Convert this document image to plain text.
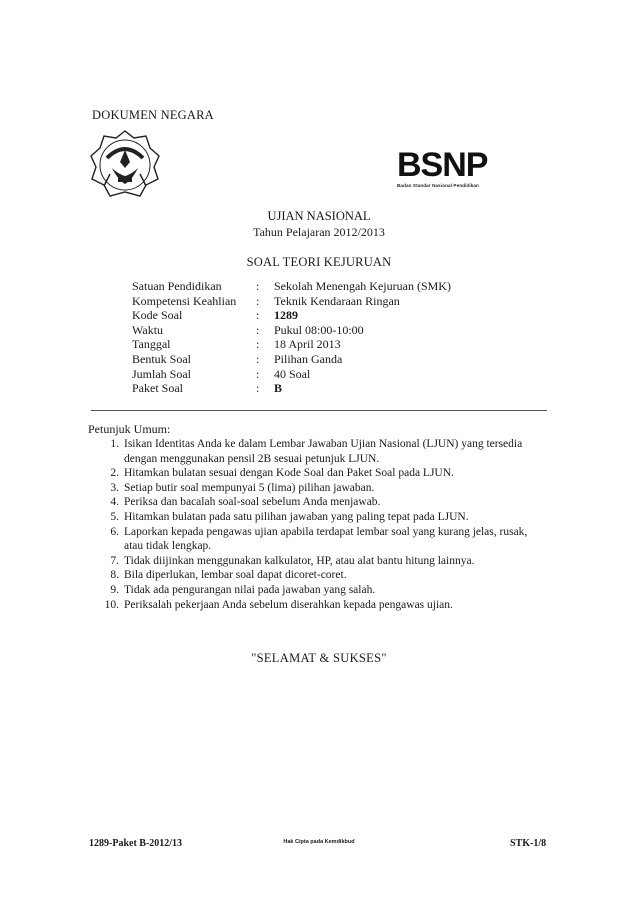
DOKUMEN NEGARA
BSNP
Badan Standar Nasional Pendidikan
UJIAN NASIONAL
Tahun Pelajaran 2012/2013
SOAL TEORI KEJURUAN
Satuan Pendidikan	:	Sekolah Menengah Kejuruan (SMK)
Kompetensi Keahlian	:	Teknik Kendaraan Ringan
Kode Soal	:	1289
Waktu	:	Pukul 08:00-10:00
Tanggal	:	18 April 2013
Bentuk Soal	:	Pilihan Ganda
Jumlah Soal	:	40 Soal
Paket Soal	:	B
Petunjuk Umum:
1. Isikan Identitas Anda ke dalam Lembar Jawaban Ujian Nasional (LJUN) yang tersedia dengan menggunakan pensil 2B sesuai petunjuk LJUN.
2. Hitamkan bulatan sesuai dengan Kode Soal dan Paket Soal pada LJUN.
3. Setiap butir soal mempunyai 5 (lima) pilihan jawaban.
4. Periksa dan bacalah soal-soal sebelum Anda menjawab.
5. Hitamkan bulatan pada satu pilihan jawaban yang paling tepat pada LJUN.
6. Laporkan kepada pengawas ujian apabila terdapat lembar soal yang kurang jelas, rusak, atau tidak lengkap.
7. Tidak diijinkan menggunakan kalkulator, HP, atau alat bantu hitung lainnya.
8. Bila diperlukan, lembar soal dapat dicoret-coret.
9. Tidak ada pengurangan nilai pada jawaban yang salah.
10. Periksalah pekerjaan Anda sebelum diserahkan kepada pengawas ujian.
"SELAMAT & SUKSES"
1289-Paket B-2012/13	Hak Cipta pada Kemdikbud	STK-1/8
